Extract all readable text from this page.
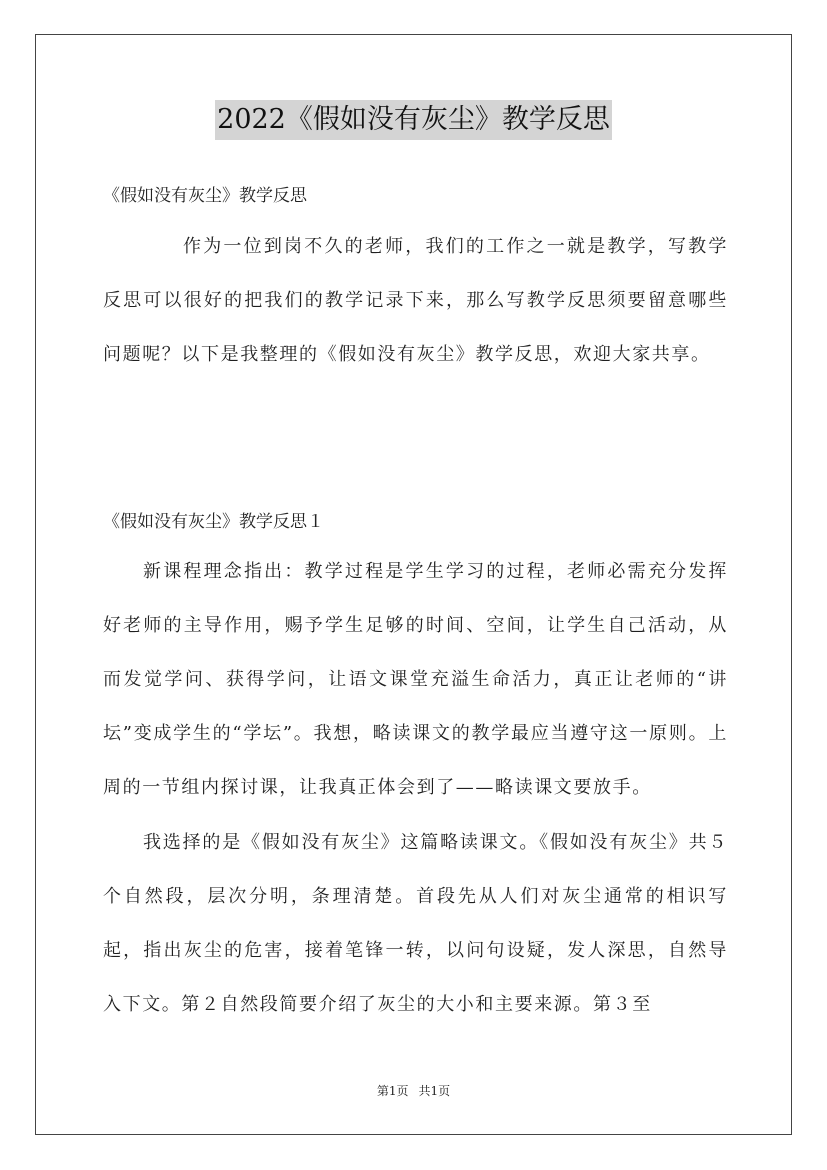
2022《假如没有灰尘》教学反思
《假如没有灰尘》教学反思

作为一位到岗不久的老师，我们的工作之一就是教学，写教学反思可以很好的把我们的教学记录下来，那么写教学反思须要留意哪些问题呢？以下是我整理的《假如没有灰尘》教学反思，欢迎大家共享。

《假如没有灰尘》教学反思１

新课程理念指出：教学过程是学生学习的过程，老师必需充分发挥好老师的主导作用，赐予学生足够的时间、空间，让学生自己活动，从而发觉学问、获得学问，让语文课堂充溢生命活力，真正让老师的“讲坛”变成学生的“学坛”。我想，略读课文的教学最应当遵守这一原则。上周的一节组内探讨课，让我真正体会到了——略读课文要放手。

我选择的是《假如没有灰尘》这篇略读课文。《假如没有灰尘》共５个自然段，层次分明，条理清楚。首段先从人们对灰尘通常的相识写起，指出灰尘的危害，接着笔锋一转，以问句设疑，发人深思，自然导入下文。第２自然段简要介绍了灰尘的大小和主要来源。第３至

第1页 共1页
